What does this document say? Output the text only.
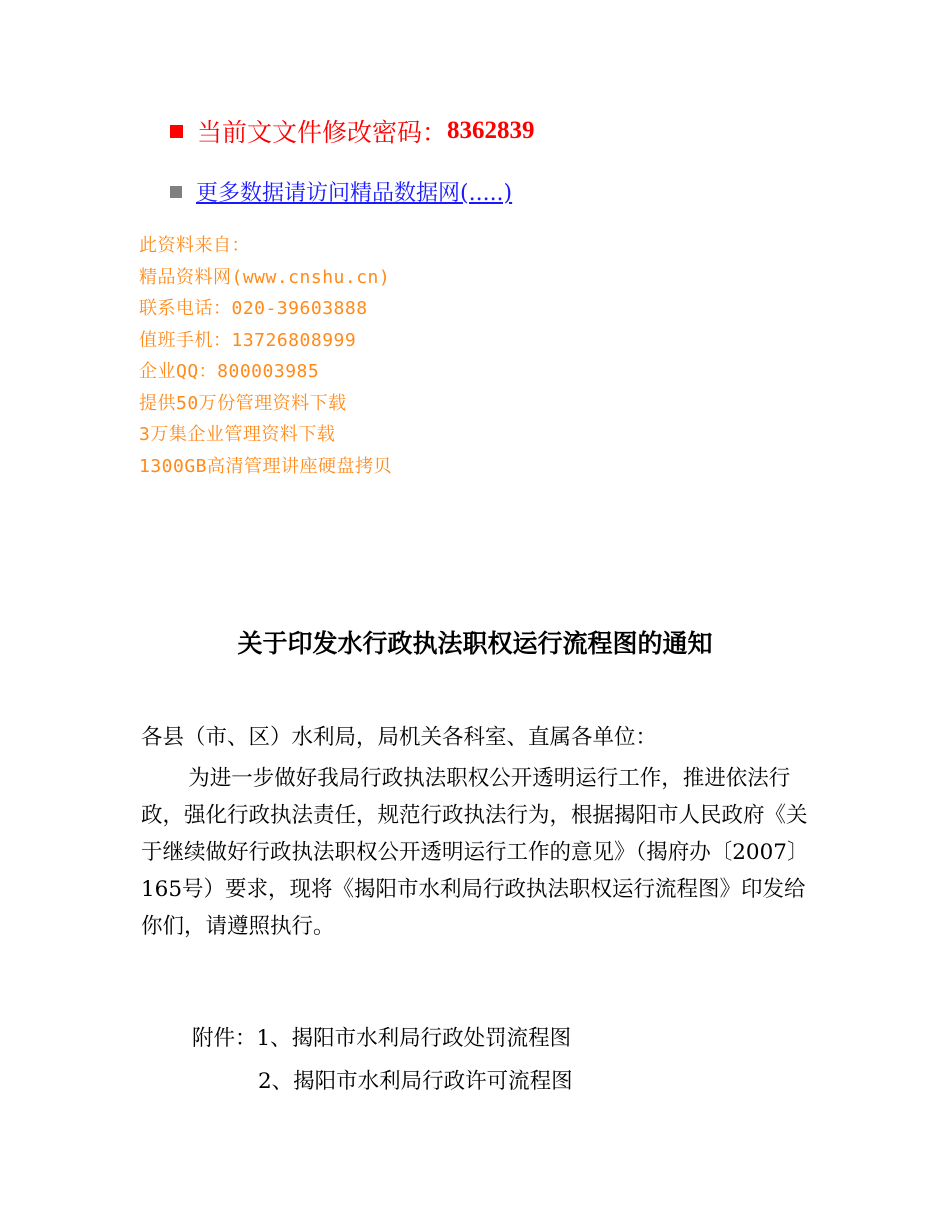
当前文文件修改密码： 8362839
更多数据请访问精品数据网(.....)
此资料来自：
精品资料网(www.cnshu.cn)
联系电话：020-39603888
值班手机：13726808999
企业QQ：800003985
提供50万份管理资料下载
3万集企业管理资料下载
1300GB高清管理讲座硬盘拷贝
关于印发水行政执法职权运行流程图的通知
各县（市、区）水利局，局机关各科室、直属各单位：

为进一步做好我局行政执法职权公开透明运行工作，推进依法行政，强化行政执法责任，规范行政执法行为，根据揭阳市人民政府《关于继续做好行政执法职权公开透明运行工作的意见》（揭府办〔2007〕165号）要求，现将《揭阳市水利局行政执法职权运行流程图》印发给你们，请遵照执行。

附件：1、揭阳市水利局行政处罚流程图
2、揭阳市水利局行政许可流程图
